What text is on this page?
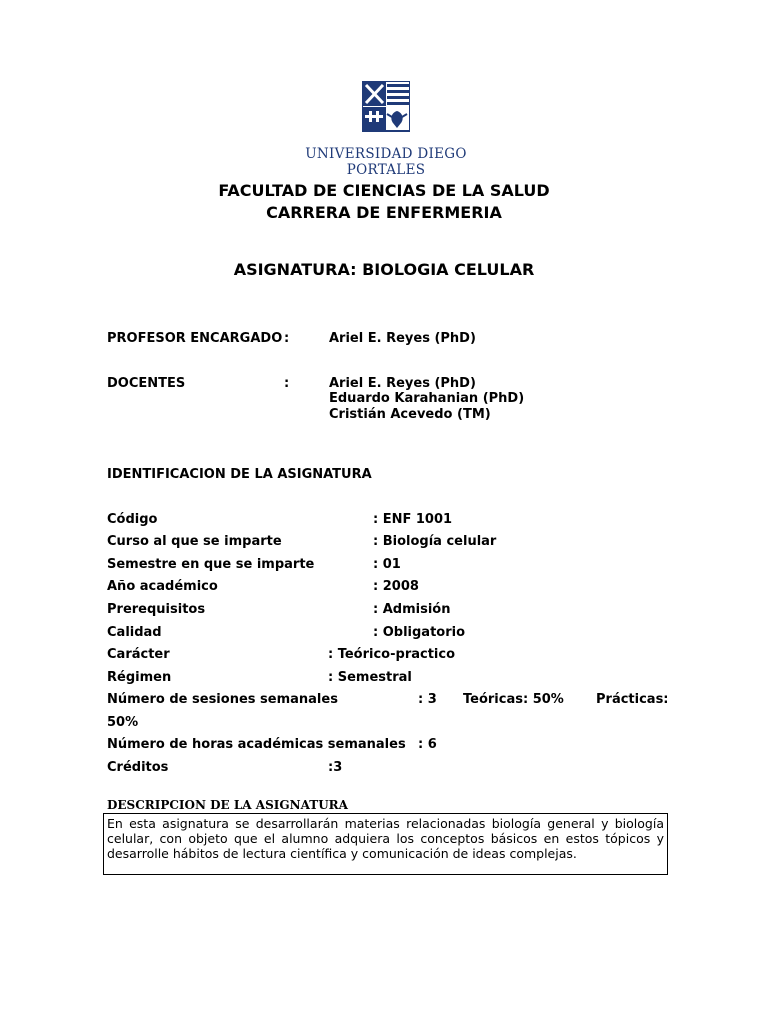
UNIVERSIDAD DIEGO PORTALES
FACULTAD DE CIENCIAS DE LA SALUD
CARRERA DE ENFERMERIA
ASIGNATURA: BIOLOGIA CELULAR
PROFESOR ENCARGADO :	Ariel E. Reyes (PhD)
DOCENTES	:	Ariel E. Reyes (PhD)
Eduardo Karahanian (PhD)
Cristián Acevedo (TM)
IDENTIFICACION DE LA ASIGNATURA
Código	: ENF 1001
Curso al que se imparte	: Biología celular
Semestre en que se imparte	: 01
Año académico	: 2008
Prerequisitos	: Admisión
Calidad	: Obligatorio
Carácter	: Teórico-practico
Régimen	: Semestral
Número de sesiones semanales	: 3 Teóricas: 50% Prácticas:
50%
Número de horas académicas semanales : 6
Créditos	:3
DESCRIPCION DE LA ASIGNATURA
En esta asignatura se desarrollarán materias relacionadas biología general y biología celular, con objeto que el alumno adquiera los conceptos básicos en estos tópicos y desarrolle hábitos de lectura científica y comunicación de ideas complejas.
